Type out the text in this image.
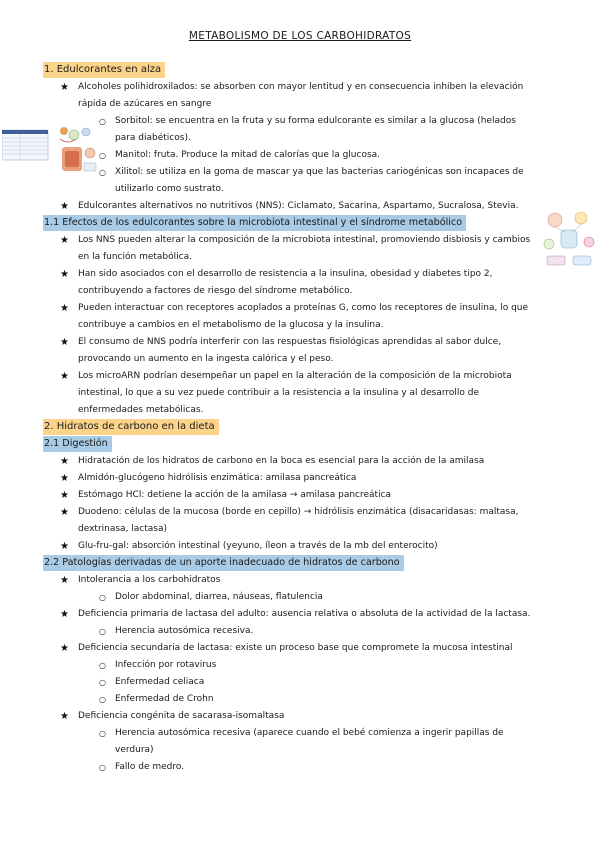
METABOLISMO DE LOS CARBOHIDRATOS
1. Edulcorantes en alza
★ Alcoholes polihidroxilados: se absorben con mayor lentitud y en consecuencia inhiben la elevación rápida de azúcares en sangre
○ Sorbitol: se encuentra en la fruta y su forma edulcorante es similar a la glucosa (helados para diabéticos).
○ Manitol: fruta. Produce la mitad de calorías que la glucosa.
○ Xilitol: se utiliza en la goma de mascar ya que las bacterias cariogénicas son incapaces de utilizarlo como sustrato.
★ Edulcorantes alternativos no nutritivos (NNS): Ciclamato, Sacarina, Aspartamo, Sucralosa, Stevia.
1.1 Efectos de los edulcorantes sobre la microbiota intestinal y el síndrome metabólico
★ Los NNS pueden alterar la composición de la microbiota intestinal, promoviendo disbiosis y cambios en la función metabólica.
★ Han sido asociados con el desarrollo de resistencia a la insulina, obesidad y diabetes tipo 2, contribuyendo a factores de riesgo del síndrome metabólico.
★ Pueden interactuar con receptores acoplados a proteínas G, como los receptores de insulina, lo que contribuye a cambios en el metabolismo de la glucosa y la insulina.
★ El consumo de NNS podría interferir con las respuestas fisiológicas aprendidas al sabor dulce, provocando un aumento en la ingesta calórica y el peso.
★ Los microARN podrían desempeñar un papel en la alteración de la composición de la microbiota intestinal, lo que a su vez puede contribuir a la resistencia a la insulina y al desarrollo de enfermedades metabólicas.
2. Hidratos de carbono en la dieta
2.1 Digestión
★ Hidratación de los hidratos de carbono en la boca es esencial para la acción de la amilasa
★ Almidón-glucógeno hidrólisis enzimática: amilasa pancreática
★ Estómago HCl: detiene la acción de la amilasa → amilasa pancreática
★ Duodeno: células de la mucosa (borde en cepillo) → hidrólisis enzimática (disacaridasas: maltasa, dextrinasa, lactasa)
★ Glu-fru-gal: absorción intestinal (yeyuno, íleon a través de la mb del enterocito)
2.2 Patologías derivadas de un aporte inadecuado de hidratos de carbono
★ Intolerancia a los carbohidratos
○ Dolor abdominal, diarrea, náuseas, flatulencia
★ Deficiencia primaria de lactasa del adulto: ausencia relativa o absoluta de la actividad de la lactasa.
○ Herencia autosómica recesiva.
★ Deficiencia secundaria de lactasa: existe un proceso base que compromete la mucosa intestinal
○ Infección por rotavirus
○ Enfermedad celiaca
○ Enfermedad de Crohn
★ Deficiencia congénita de sacarasa-isomaltasa
○ Herencia autosómica recesiva (aparece cuando el bebé comienza a ingerir papillas de verdura)
○ Fallo de medro.
